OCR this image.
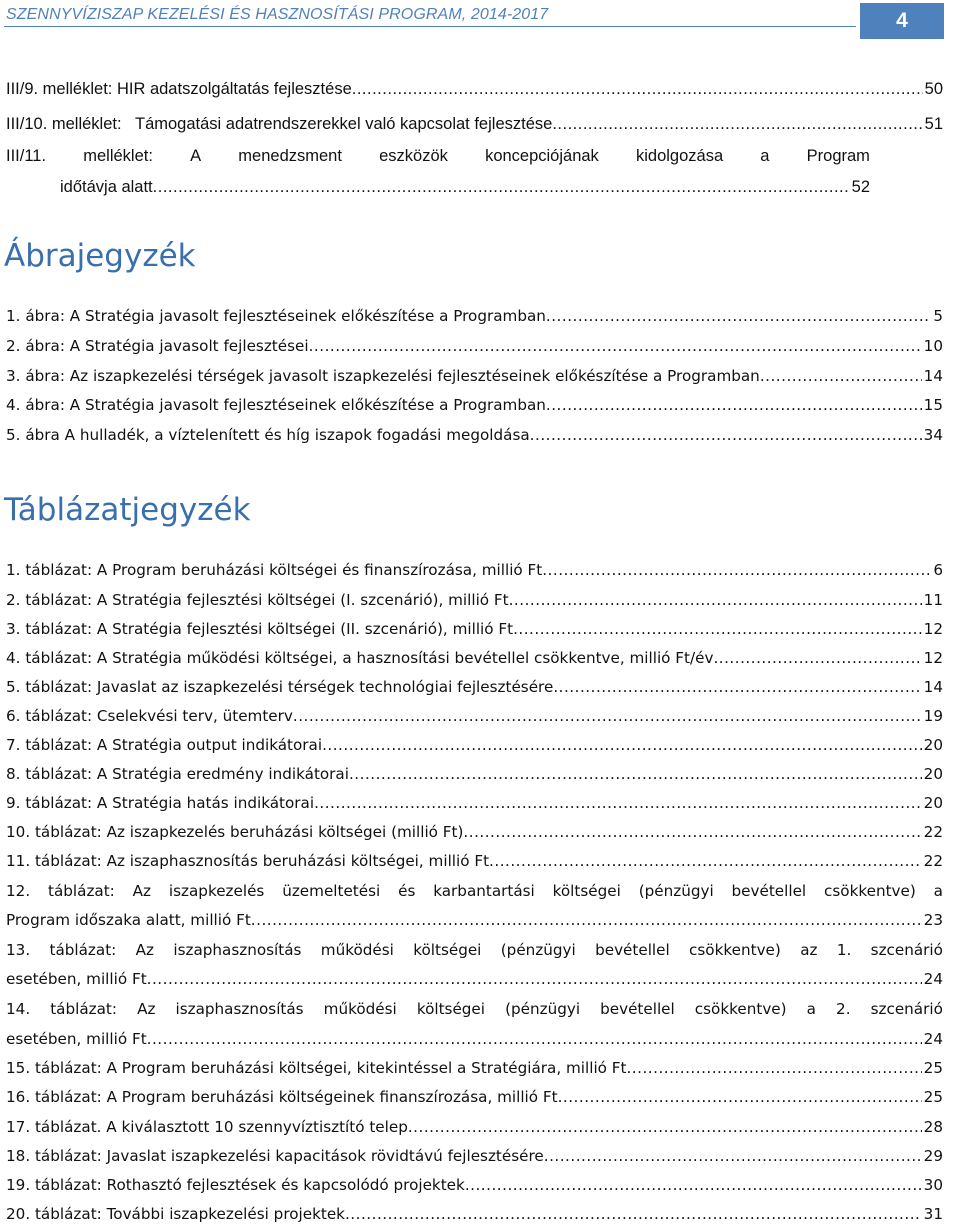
SZENNYVÍZISZAP KEZELÉSI ÉS HASZNOSÍTÁSI PROGRAM, 2014-2017	4
III/9. melléklet: HIR adatszolgáltatás fejlesztése .....	50
III/10. melléklet:   Támogatási adatrendszerekkel való kapcsolat fejlesztése .....	51
III/11. melléklet: A menedzsment eszközök koncepciójának kidolgozása a Program
időtávja alatt .....	52
Ábrajegyzék
1. ábra: A Stratégia javasolt fejlesztéseinek előkészítése a Programban .....	5
2. ábra: A Stratégia javasolt fejlesztései .....	10
3. ábra: Az iszapkezelési térségek javasolt iszapkezelési fejlesztéseinek előkészítése a Programban .....	14
4. ábra: A Stratégia javasolt fejlesztéseinek előkészítése a Programban .....	15
5. ábra A hulladék, a víztelenített és híg iszapok fogadási megoldása .....	34
Táblázatjegyzék
1. táblázat: A Program beruházási költségei és finanszírozása, millió Ft .....	6
2. táblázat: A Stratégia fejlesztési költségei (I. szcenárió), millió Ft .....	11
3. táblázat: A Stratégia fejlesztési költségei (II. szcenárió), millió Ft .....	12
4. táblázat: A Stratégia működési költségei, a hasznosítási bevétellel csökkentve, millió Ft/év .....	12
5. táblázat: Javaslat az iszapkezelési térségek technológiai fejlesztésére .....	14
6. táblázat: Cselekvési terv, ütemterv .....	19
7. táblázat: A Stratégia output indikátorai .....	20
8. táblázat: A Stratégia eredmény indikátorai .....	20
9. táblázat: A Stratégia hatás indikátorai .....	20
10. táblázat: Az iszapkezelés beruházási költségei (millió Ft) .....	22
11. táblázat: Az iszaphasznosítás beruházási költségei, millió Ft .....	22
12. táblázat: Az iszapkezelés üzemeltetési és karbantartási költségei (pénzügyi bevétellel csökkentve) a
Program időszaka alatt, millió Ft .....	23
13. táblázat: Az iszaphasznosítás működési költségei (pénzügyi bevétellel csökkentve) az 1. szcenárió
esetében, millió Ft .....	24
14. táblázat: Az iszaphasznosítás működési költségei (pénzügyi bevétellel csökkentve) a 2. szcenárió
esetében, millió Ft .....	24
15. táblázat: A Program beruházási költségei, kitekintéssel a Stratégiára, millió Ft .....	25
16. táblázat: A Program beruházási költségeinek finanszírozása, millió Ft .....	25
17. táblázat. A kiválasztott 10 szennyvíztisztító telep .....	28
18. táblázat: Javaslat iszapkezelési kapacitások rövidtávú fejlesztésére .....	29
19. táblázat: Rothasztó fejlesztések és kapcsolódó projektek .....	30
20. táblázat: További iszapkezelési projektek .....	31
